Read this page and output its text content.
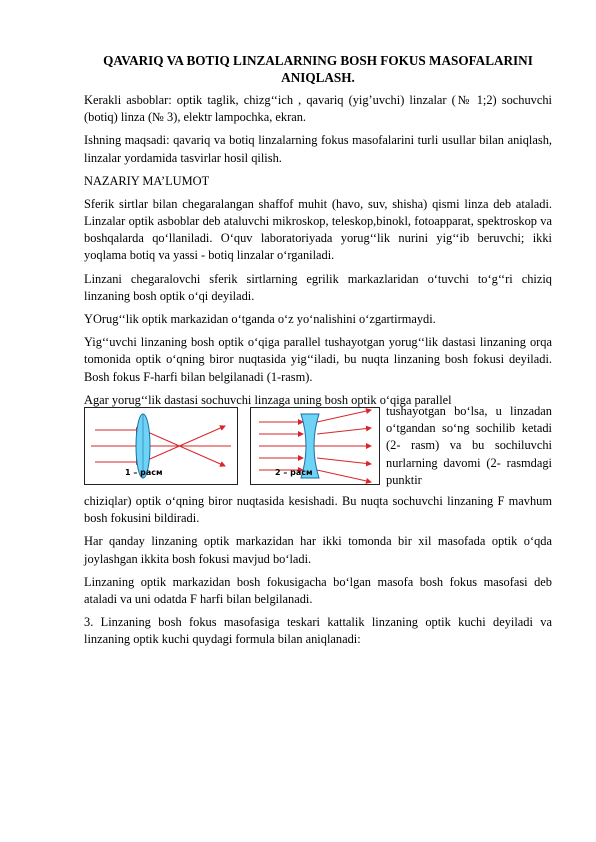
QAVARIQ VA BOTIQ LINZALARNING BOSH FOKUS MASOFALARINI ANIQLASH.

Kerakli asboblar: optik taglik, chizg‘‘ich , qavariq (yig’uvchi) linzalar (№ 1;2) sochuvchi (botiq) linza (№ 3), elektr lampochka, ekran.

Ishning maqsadi: qavariq va botiq linzalarning fokus masofalarini turli usullar bilan aniqlash, linzalar yordamida tasvirlar hosil qilish.

NAZARIY MA’LUMOT

Sferik sirtlar bilan chegaralangan shaffof muhit (havo, suv, shisha) qismi linza deb ataladi. Linzalar optik asboblar deb ataluvchi mikroskop, teleskop,binokl, fotoapparat, spektroskop va boshqalarda qo‘llaniladi. O‘quv laboratoriyada yorug‘‘lik nurini yig‘‘ib beruvchi; ikki yoqlama botiq va yassi - botiq linzalar o‘rganiladi.

Linzani chegaralovchi sferik sirtlarning egrilik markazlaridan o‘tuvchi to‘g‘‘ri chiziq linzaning bosh optik o‘qi deyiladi.

YOrug‘‘lik optik markazidan o‘tganda o‘z yo‘nalishini o‘zgartirmaydi.

Yig‘‘uvchi linzaning bosh optik o‘qiga parallel tushayotgan yorug‘‘lik dastasi linzaning orqa tomonida optik o‘qning biror nuqtasida yig‘‘iladi, bu nuqta linzaning bosh fokusi deyiladi. Bosh fokus F-harfi bilan belgilanadi (1-rasm).

Agar yorug‘‘lik dastasi sochuvchi linzaga uning bosh optik o‘qiga parallel

1 – расм	2 – расм
tushayotgan bo‘lsa, u linzadan o‘tgandan so‘ng sochilib ketadi (2- rasm) va bu sochiluvchi nurlarning davomi (2- rasmdagi punktir

chiziqlar) optik o‘qning biror nuqtasida kesishadi. Bu nuqta sochuvchi linzaning F mavhum bosh fokusini bildiradi.

Har qanday linzaning optik markazidan har ikki tomonda bir xil masofada optik o‘qda joylashgan ikkita bosh fokusi mavjud bo‘ladi.

Linzaning optik markazidan bosh fokusigacha bo‘lgan masofa bosh fokus masofasi deb ataladi va uni odatda F harfi bilan belgilanadi.

3. Linzaning bosh fokus masofasiga teskari kattalik linzaning optik kuchi deyiladi va linzaning optik kuchi quydagi formula bilan aniqlanadi:
